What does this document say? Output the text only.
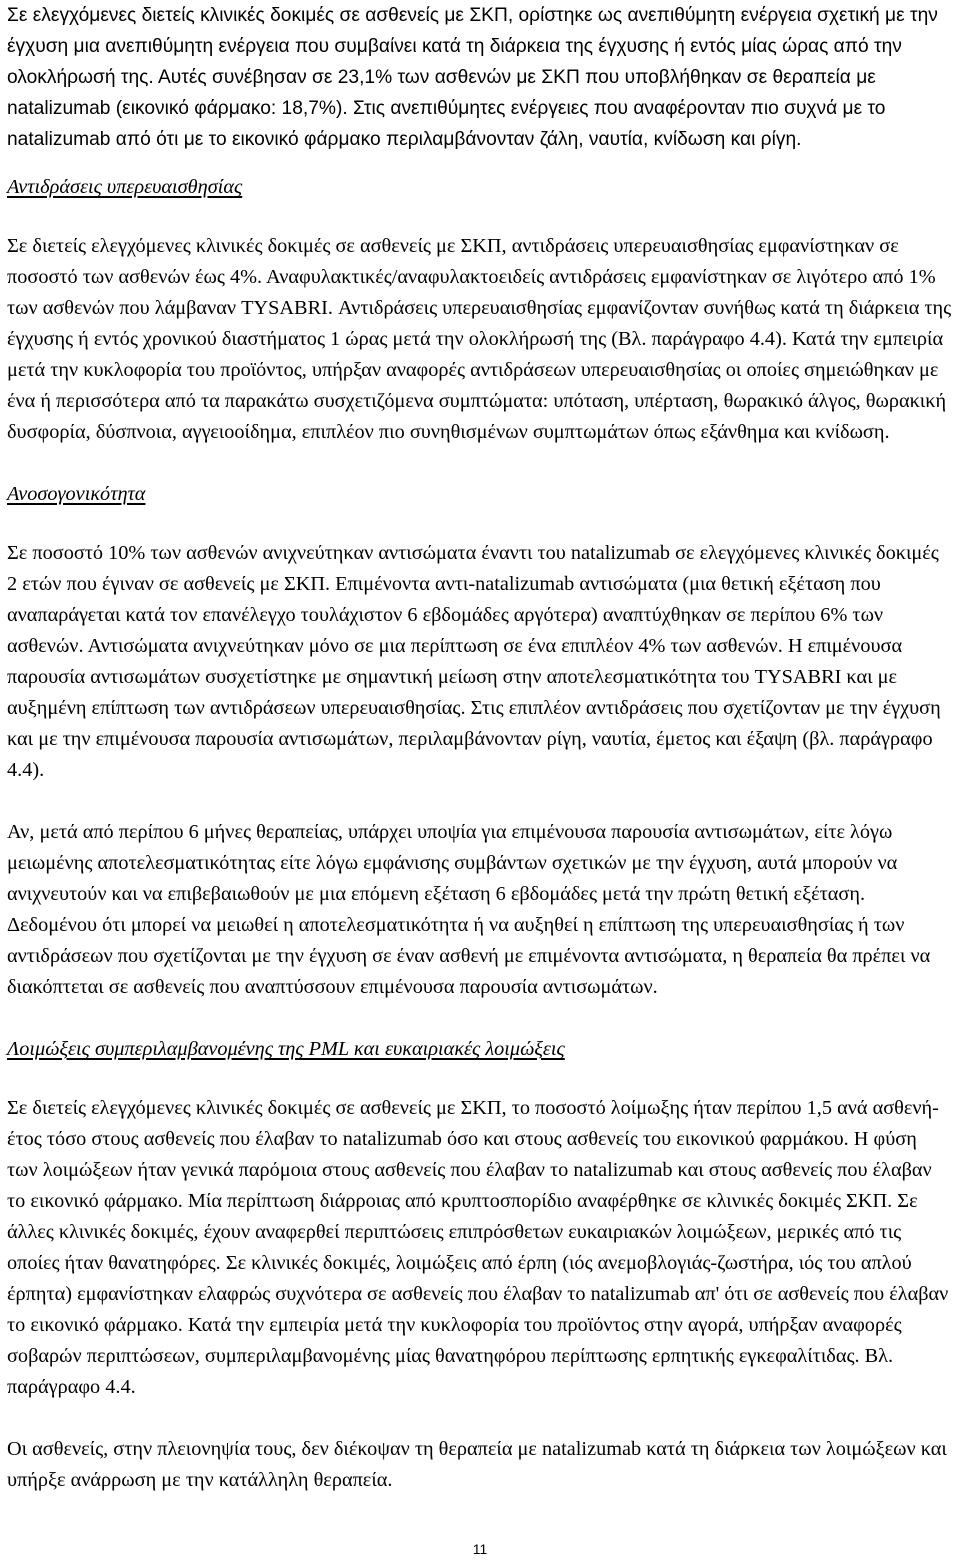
Σε ελεγχόμενες διετείς κλινικές δοκιμές σε ασθενείς με ΣΚΠ, ορίστηκε ως ανεπιθύμητη ενέργεια σχετική με την έγχυση μια ανεπιθύμητη ενέργεια που συμβαίνει κατά τη διάρκεια της έγχυσης ή εντός μίας ώρας από την ολοκλήρωσή της. Αυτές συνέβησαν σε 23,1% των ασθενών με ΣΚΠ που υποβλήθηκαν σε θεραπεία με natalizumab (εικονικό φάρμακο: 18,7%). Στις ανεπιθύμητες ενέργειες που αναφέρονταν πιο συχνά με το natalizumab από ότι με το εικονικό φάρμακο περιλαμβάνονταν ζάλη, ναυτία, κνίδωση και ρίγη.

Αντιδράσεις υπερευαισθησίας

Σε διετείς ελεγχόμενες κλινικές δοκιμές σε ασθενείς με ΣΚΠ, αντιδράσεις υπερευαισθησίας εμφανίστηκαν σε ποσοστό των ασθενών έως 4%. Αναφυλακτικές/αναφυλακτοειδείς αντιδράσεις εμφανίστηκαν σε λιγότερο από 1% των ασθενών που λάμβαναν TYSABRI. Αντιδράσεις υπερευαισθησίας εμφανίζονταν συνήθως κατά τη διάρκεια της έγχυσης ή εντός χρονικού διαστήματος 1 ώρας μετά την ολοκλήρωσή της (Βλ. παράγραφο 4.4). Κατά την εμπειρία μετά την κυκλοφορία του προϊόντος, υπήρξαν αναφορές αντιδράσεων υπερευαισθησίας οι οποίες σημειώθηκαν με ένα ή περισσότερα από τα παρακάτω συσχετιζόμενα συμπτώματα: υπόταση, υπέρταση, θωρακικό άλγος, θωρακική δυσφορία, δύσπνοια, αγγειοοίδημα, επιπλέον πιο συνηθισμένων συμπτωμάτων όπως εξάνθημα και κνίδωση.

Ανοσογονικότητα

Σε ποσοστό 10% των ασθενών ανιχνεύτηκαν αντισώματα έναντι του natalizumab σε ελεγχόμενες κλινικές δοκιμές 2 ετών που έγιναν σε ασθενείς με ΣΚΠ. Επιμένοντα αντι-natalizumab αντισώματα (μια θετική εξέταση που αναπαράγεται κατά τον επανέλεγχο τουλάχιστον 6 εβδομάδες αργότερα) αναπτύχθηκαν σε περίπου 6% των ασθενών. Αντισώματα ανιχνεύτηκαν μόνο σε μια περίπτωση σε ένα επιπλέον 4% των ασθενών. Η επιμένουσα παρουσία αντισωμάτων συσχετίστηκε με σημαντική μείωση στην αποτελεσματικότητα του TYSABRI και με αυξημένη επίπτωση των αντιδράσεων υπερευαισθησίας. Στις επιπλέον αντιδράσεις που σχετίζονταν με την έγχυση και με την επιμένουσα παρουσία αντισωμάτων, περιλαμβάνονταν ρίγη, ναυτία, έμετος και έξαψη (βλ. παράγραφο 4.4).

Αν, μετά από περίπου 6 μήνες θεραπείας, υπάρχει υποψία για επιμένουσα παρουσία αντισωμάτων, είτε λόγω μειωμένης αποτελεσματικότητας είτε λόγω εμφάνισης συμβάντων σχετικών με την έγχυση, αυτά μπορούν να ανιχνευτούν και να επιβεβαιωθούν με μια επόμενη εξέταση 6 εβδομάδες μετά την πρώτη θετική εξέταση. Δεδομένου ότι μπορεί να μειωθεί η αποτελεσματικότητα ή να αυξηθεί η επίπτωση της υπερευαισθησίας ή των αντιδράσεων που σχετίζονται με την έγχυση σε έναν ασθενή με επιμένοντα αντισώματα, η θεραπεία θα πρέπει να διακόπτεται σε ασθενείς που αναπτύσσουν επιμένουσα παρουσία αντισωμάτων.

Λοιμώξεις συμπεριλαμβανομένης της PML και ευκαιριακές λοιμώξεις

Σε διετείς ελεγχόμενες κλινικές δοκιμές σε ασθενείς με ΣΚΠ, το ποσοστό λοίμωξης ήταν περίπου 1,5 ανά ασθενή-έτος τόσο στους ασθενείς που έλαβαν το natalizumab όσο και στους ασθενείς του εικονικού φαρμάκου. Η φύση των λοιμώξεων ήταν γενικά παρόμοια στους ασθενείς που έλαβαν το natalizumab και στους ασθενείς που έλαβαν το εικονικό φάρμακο. Μία περίπτωση διάρροιας από κρυπτοσπορίδιο αναφέρθηκε σε κλινικές δοκιμές ΣΚΠ. Σε άλλες κλινικές δοκιμές, έχουν αναφερθεί περιπτώσεις επιπρόσθετων ευκαιριακών λοιμώξεων, μερικές από τις οποίες ήταν θανατηφόρες. Σε κλινικές δοκιμές, λοιμώξεις από έρπη (ιός ανεμοβλογιάς-ζωστήρα, ιός του απλού έρπητα) εμφανίστηκαν ελαφρώς συχνότερα σε ασθενείς που έλαβαν το natalizumab απ' ότι σε ασθενείς που έλαβαν το εικονικό φάρμακο. Κατά την εμπειρία μετά την κυκλοφορία του προϊόντος στην αγορά, υπήρξαν αναφορές σοβαρών περιπτώσεων, συμπεριλαμβανομένης μίας θανατηφόρου περίπτωσης ερπητικής εγκεφαλίτιδας. Βλ. παράγραφο 4.4.

Οι ασθενείς, στην πλειονηψία τους, δεν διέκοψαν τη θεραπεία με natalizumab κατά τη διάρκεια των λοιμώξεων και υπήρξε ανάρρωση με την κατάλληλη θεραπεία.

11
